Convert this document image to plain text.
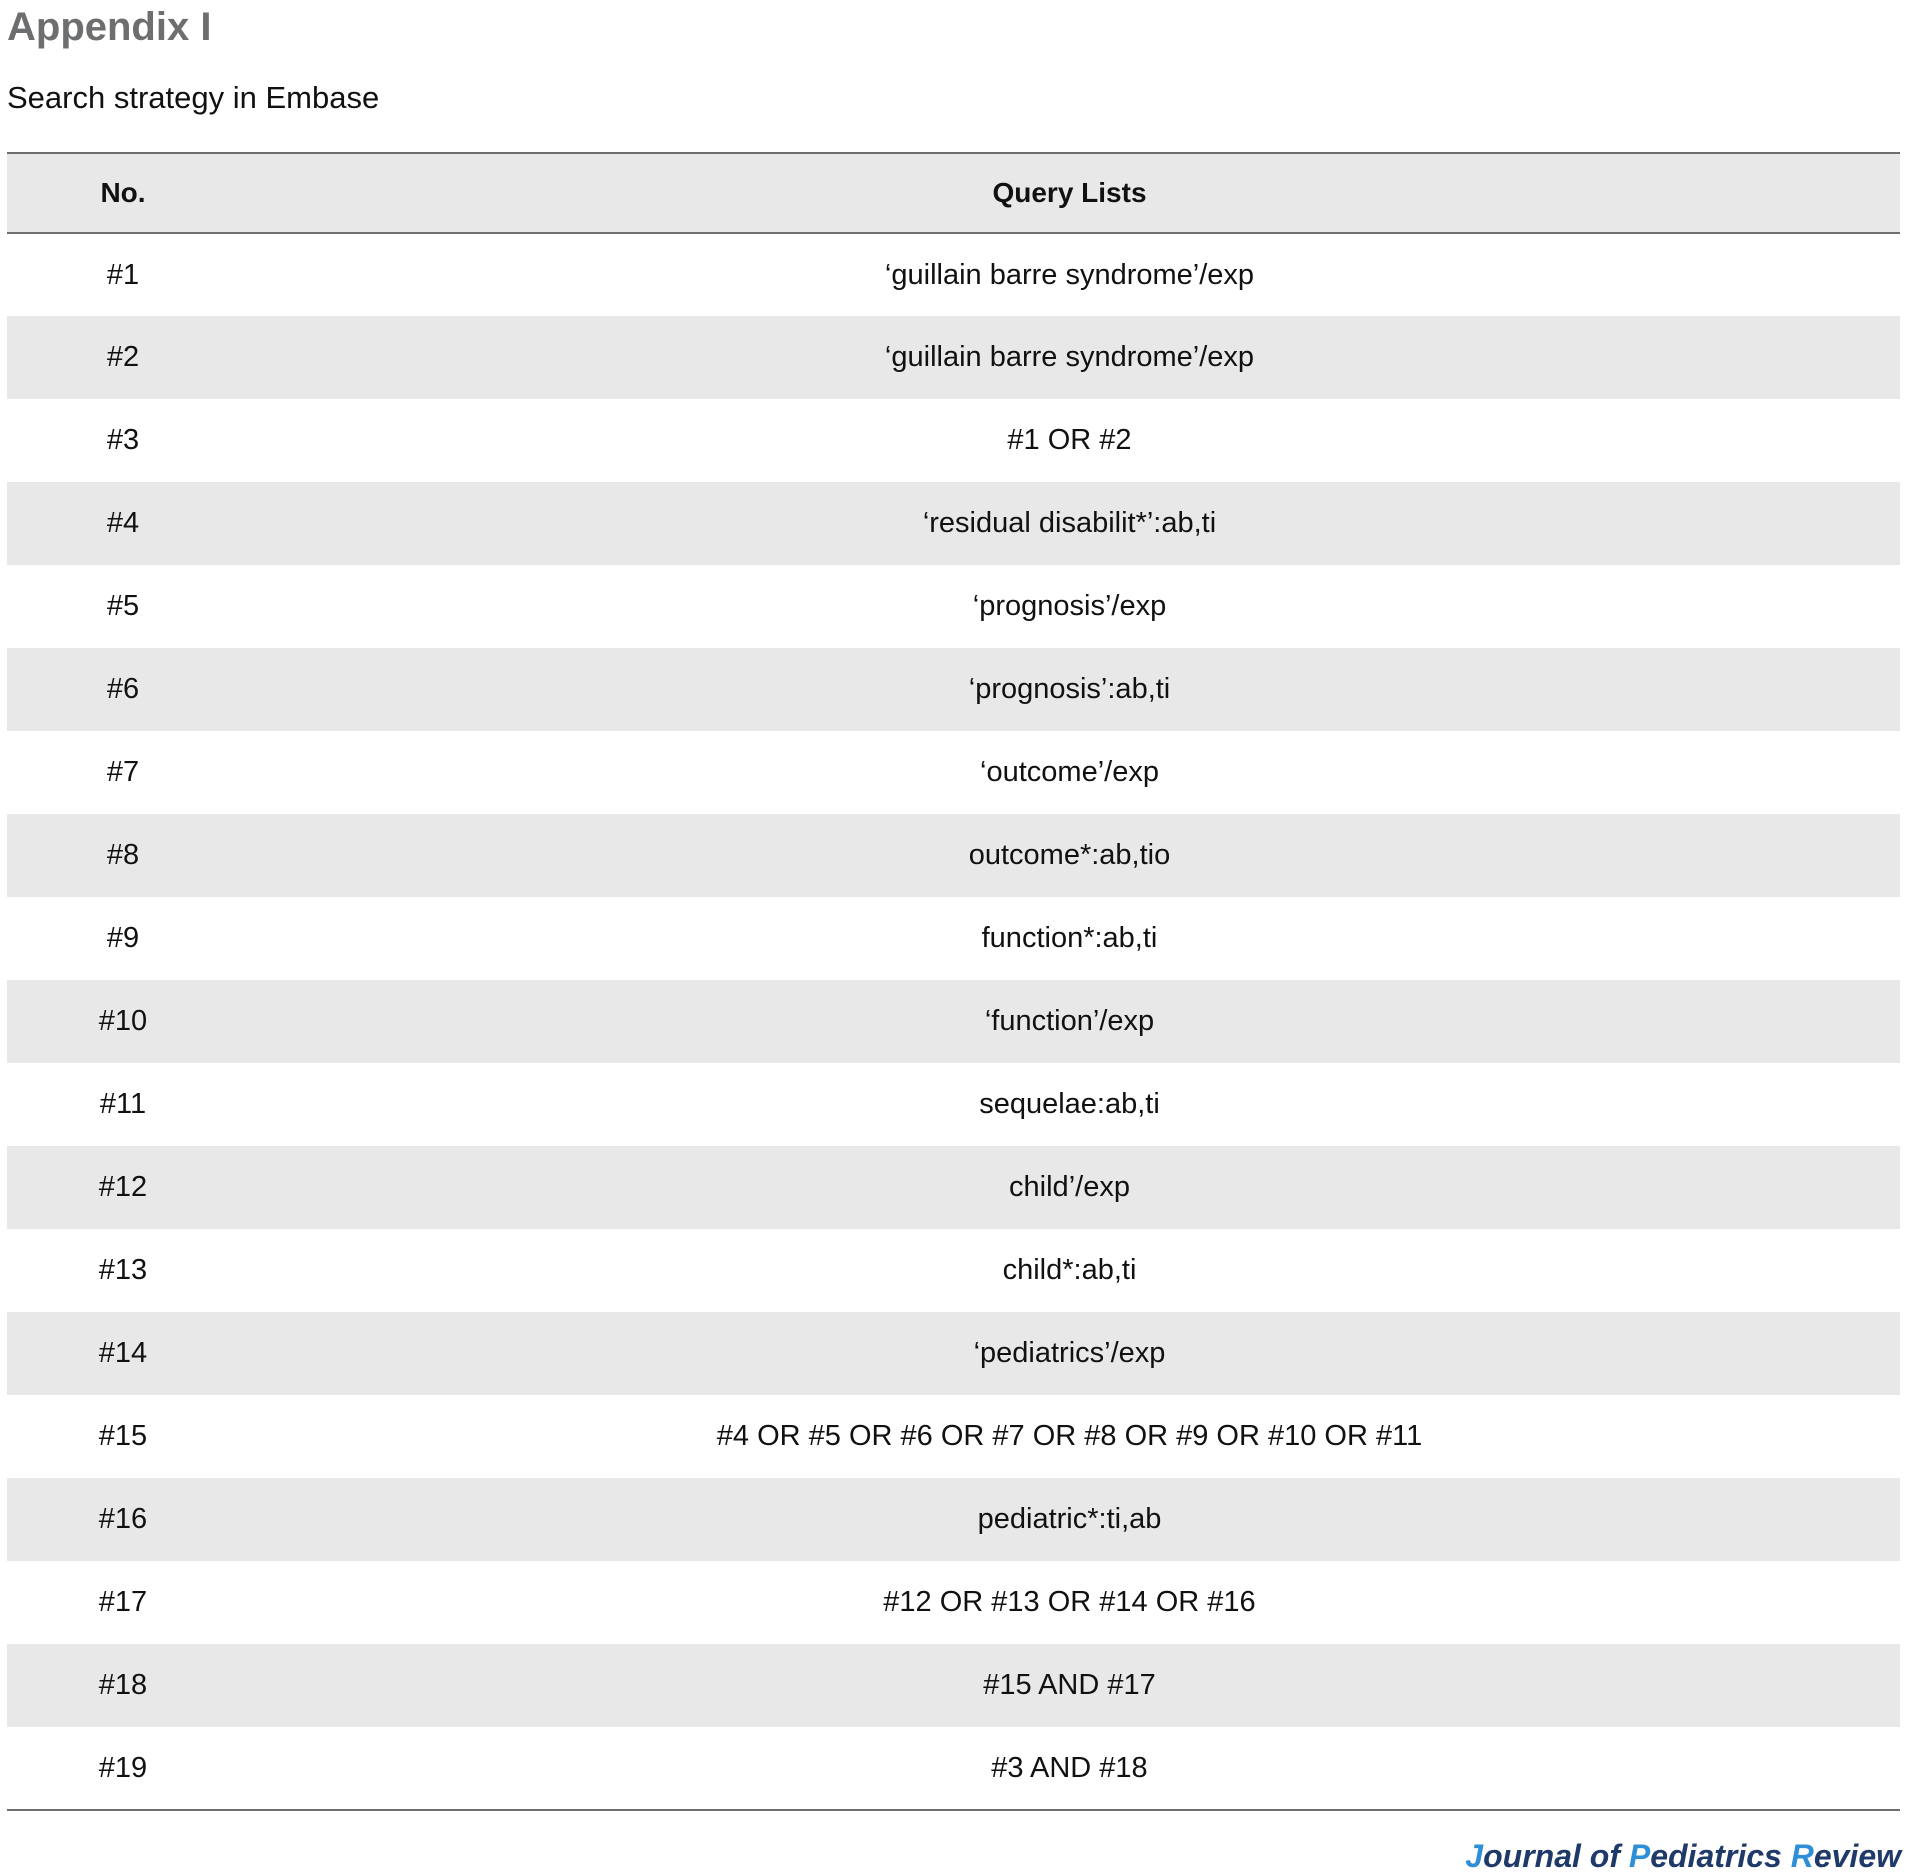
Appendix I

Search strategy in Embase

No.	Query Lists
#1	‘guillain barre syndrome’/exp
#2	‘guillain barre syndrome’/exp
#3	#1 OR #2
#4	‘residual disabilit*’:ab,ti
#5	‘prognosis’/exp
#6	‘prognosis’:ab,ti
#7	‘outcome’/exp
#8	outcome*:ab,tio
#9	function*:ab,ti
#10	‘function’/exp
#11	sequelae:ab,ti
#12	child’/exp
#13	child*:ab,ti
#14	‘pediatrics’/exp
#15	#4 OR #5 OR #6 OR #7 OR #8 OR #9 OR #10 OR #11
#16	pediatric*:ti,ab
#17	#12 OR #13 OR #14 OR #16
#18	#15 AND #17
#19	#3 AND #18
Journal of Pediatrics Review
